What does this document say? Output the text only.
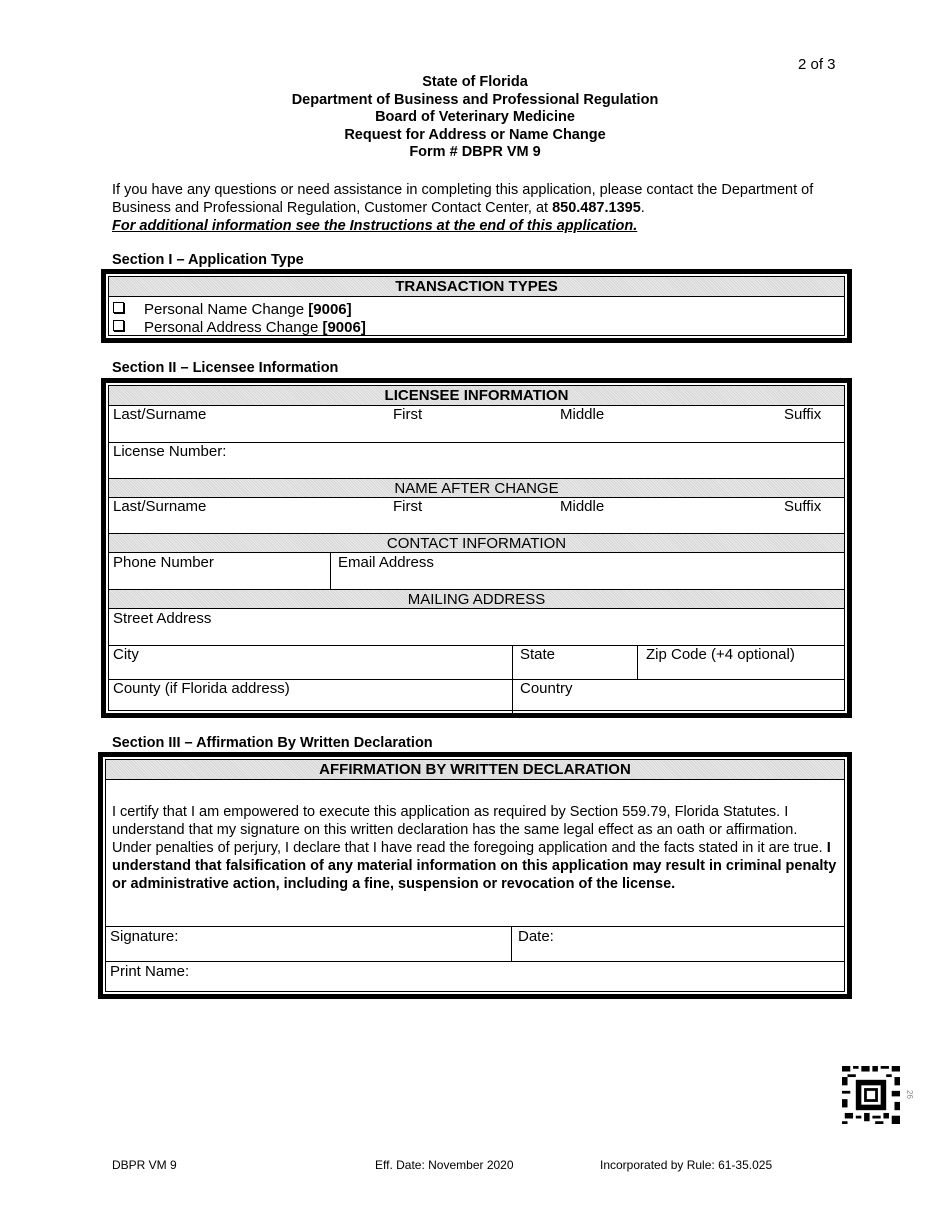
2 of 3
State of Florida
Department of Business and Professional Regulation
Board of Veterinary Medicine
Request for Address or Name Change
Form # DBPR VM 9
If you have any questions or need assistance in completing this application, please contact the Department of Business and Professional Regulation, Customer Contact Center, at 850.487.1395.
For additional information see the Instructions at the end of this application.
Section I – Application Type
TRANSACTION TYPES
Personal Name Change [9006]
Personal Address Change [9006]
Section II – Licensee Information
LICENSEE INFORMATION
Last/Surname	First	Middle	Suffix
License Number:
NAME AFTER CHANGE
Last/Surname	First	Middle	Suffix
CONTACT INFORMATION
Phone Number	Email Address
MAILING ADDRESS
Street Address
City	State	Zip Code (+4 optional)
County (if Florida address)	Country
Section III – Affirmation By Written Declaration
AFFIRMATION BY WRITTEN DECLARATION
I certify that I am empowered to execute this application as required by Section 559.79, Florida Statutes. I understand that my signature on this written declaration has the same legal effect as an oath or affirmation. Under penalties of perjury, I declare that I have read the foregoing application and the facts stated in it are true. I understand that falsification of any material information on this application may result in criminal penalty or administrative action, including a fine, suspension or revocation of the license.
Signature:	Date:
Print Name:
26
DBPR VM 9	Eff. Date: November 2020	Incorporated by Rule: 61-35.025
